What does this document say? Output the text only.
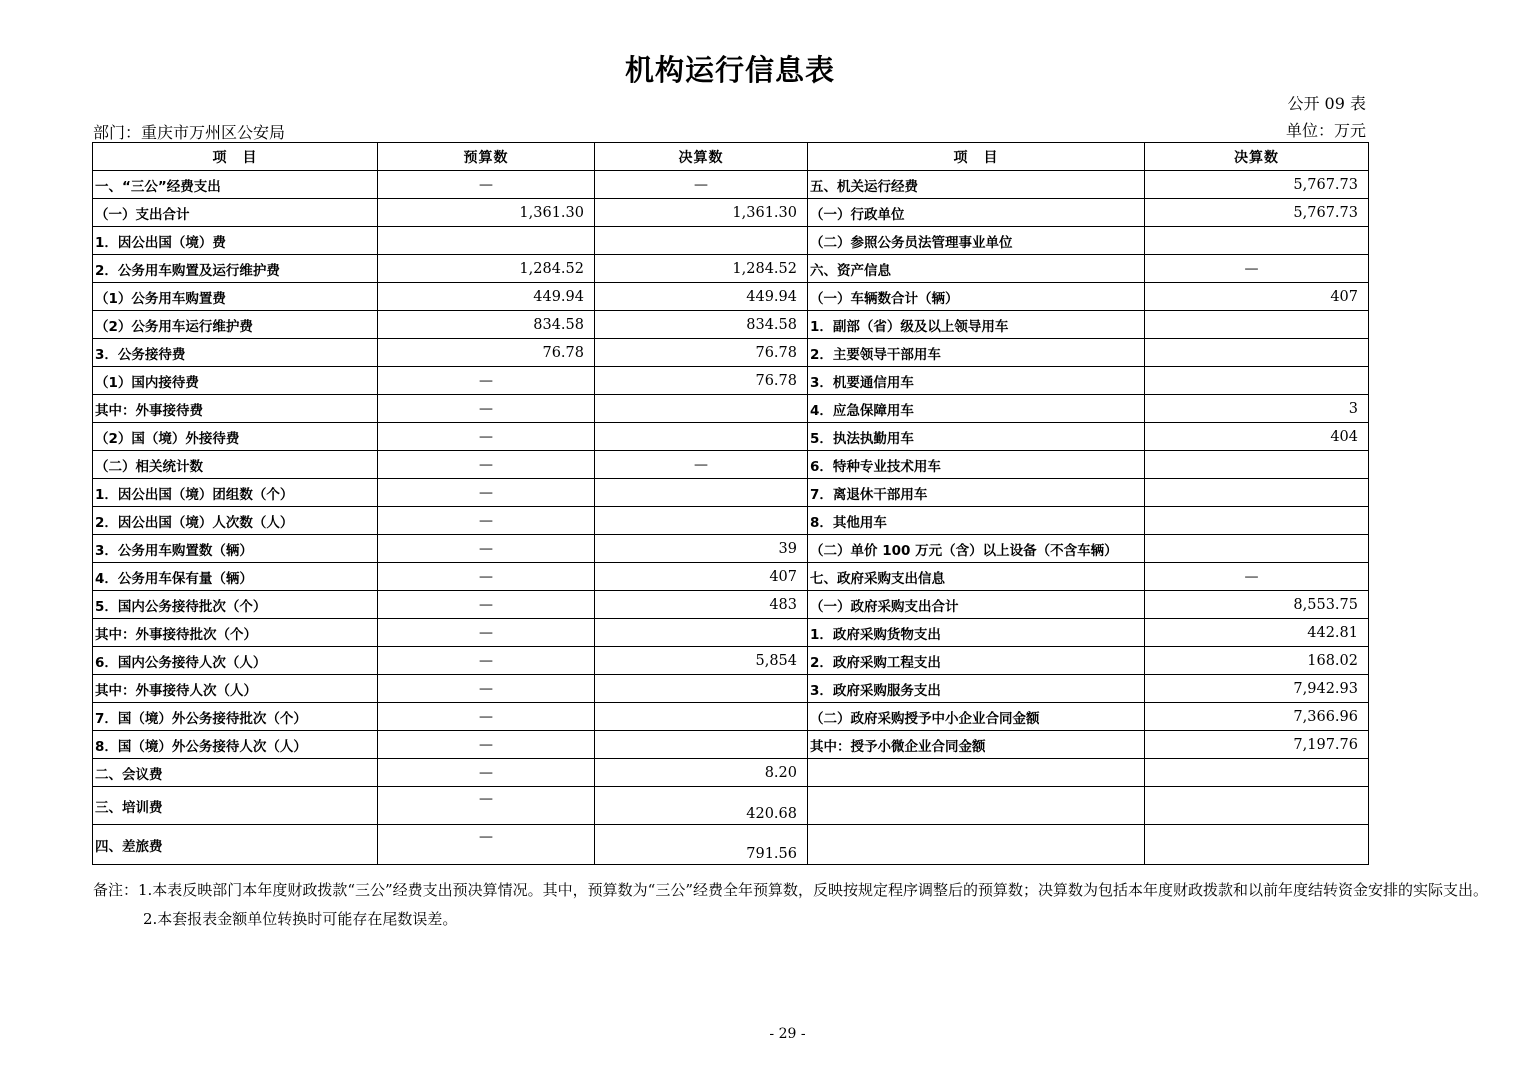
机构运行信息表
公开 09 表
部门：重庆市万州区公安局	单位：万元
项　目	预算数	决算数	项　目	决算数
一、“三公”经费支出	—	—	五、机关运行经费	5,767.73
（一）支出合计	1,361.30	1,361.30	（一）行政单位	5,767.73
1．因公出国（境）费			（二）参照公务员法管理事业单位	
2．公务用车购置及运行维护费	1,284.52	1,284.52	六、资产信息	—
（1）公务用车购置费	449.94	449.94	（一）车辆数合计（辆）	407
（2）公务用车运行维护费	834.58	834.58	1．副部（省）级及以上领导用车	
3．公务接待费	76.78	76.78	2．主要领导干部用车	
（1）国内接待费	—	76.78	3．机要通信用车	
其中：外事接待费	—		4．应急保障用车	3
（2）国（境）外接待费	—		5．执法执勤用车	404
（二）相关统计数	—	—	6．特种专业技术用车	
1．因公出国（境）团组数（个）	—		7．离退休干部用车	
2．因公出国（境）人次数（人）	—		8．其他用车	
3．公务用车购置数（辆）	—	39	（二）单价 100 万元（含）以上设备（不含车辆）	
4．公务用车保有量（辆）	—	407	七、政府采购支出信息	—
5．国内公务接待批次（个）	—	483	（一）政府采购支出合计	8,553.75
其中：外事接待批次（个）	—		1．政府采购货物支出	442.81
6．国内公务接待人次（人）	—	5,854	2．政府采购工程支出	168.02
其中：外事接待人次（人）	—		3．政府采购服务支出	7,942.93
7．国（境）外公务接待批次（个）	—		（二）政府采购授予中小企业合同金额	7,366.96
8．国（境）外公务接待人次（人）	—		其中：授予小微企业合同金额	7,197.76
二、会议费	—	8.20		
三、培训费	—	420.68		
四、差旅费	—	791.56		
备注：1.本表反映部门本年度财政拨款“三公”经费支出预决算情况。其中，预算数为“三公”经费全年预算数，反映按规定程序调整后的预算数；决算数为包括本年度财政拨款和以前年度结转资金安排的实际支出。
2.本套报表金额单位转换时可能存在尾数误差。
- 29 -
